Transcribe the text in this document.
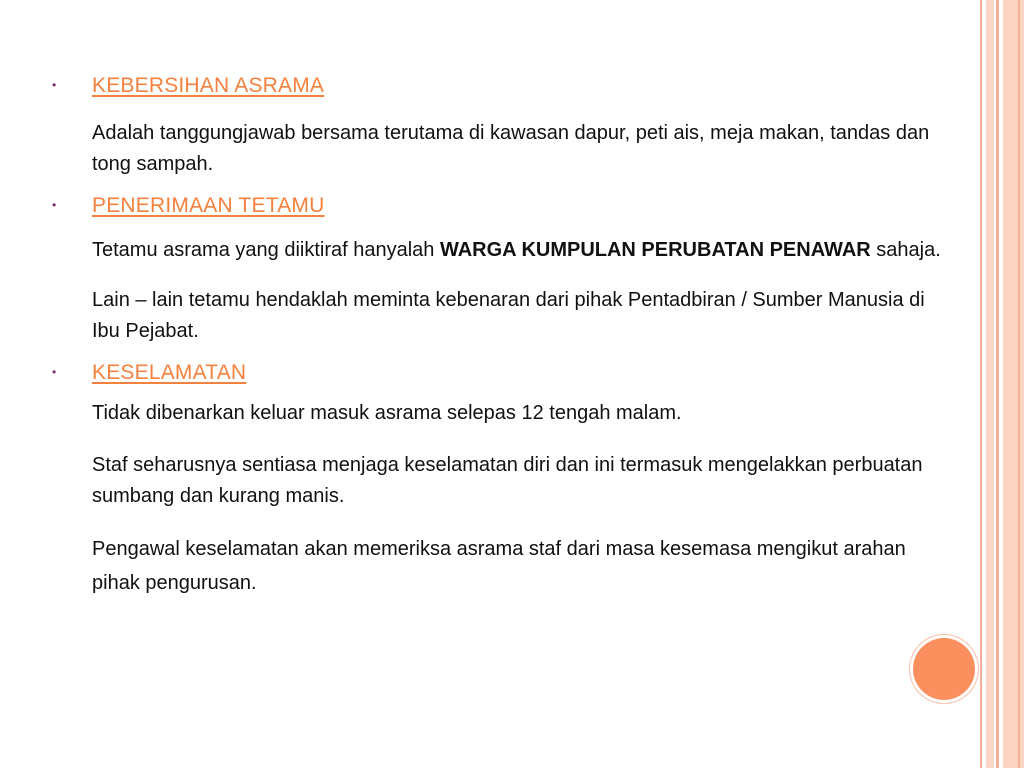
•	KEBERSIHAN ASRAMA

Adalah tanggungjawab bersama terutama di kawasan dapur, peti ais, meja makan, tandas dan tong sampah.

•	PENERIMAAN TETAMU

Tetamu asrama yang diiktiraf hanyalah WARGA KUMPULAN PERUBATAN PENAWAR sahaja.

Lain – lain tetamu hendaklah meminta kebenaran dari pihak Pentadbiran / Sumber Manusia di Ibu Pejabat.

•	KESELAMATAN

Tidak dibenarkan keluar masuk asrama selepas 12 tengah malam.

Staf seharusnya sentiasa menjaga keselamatan diri dan ini termasuk mengelakkan perbuatan sumbang dan kurang manis.

Pengawal keselamatan akan memeriksa asrama staf dari masa kesemasa mengikut arahan pihak pengurusan.
